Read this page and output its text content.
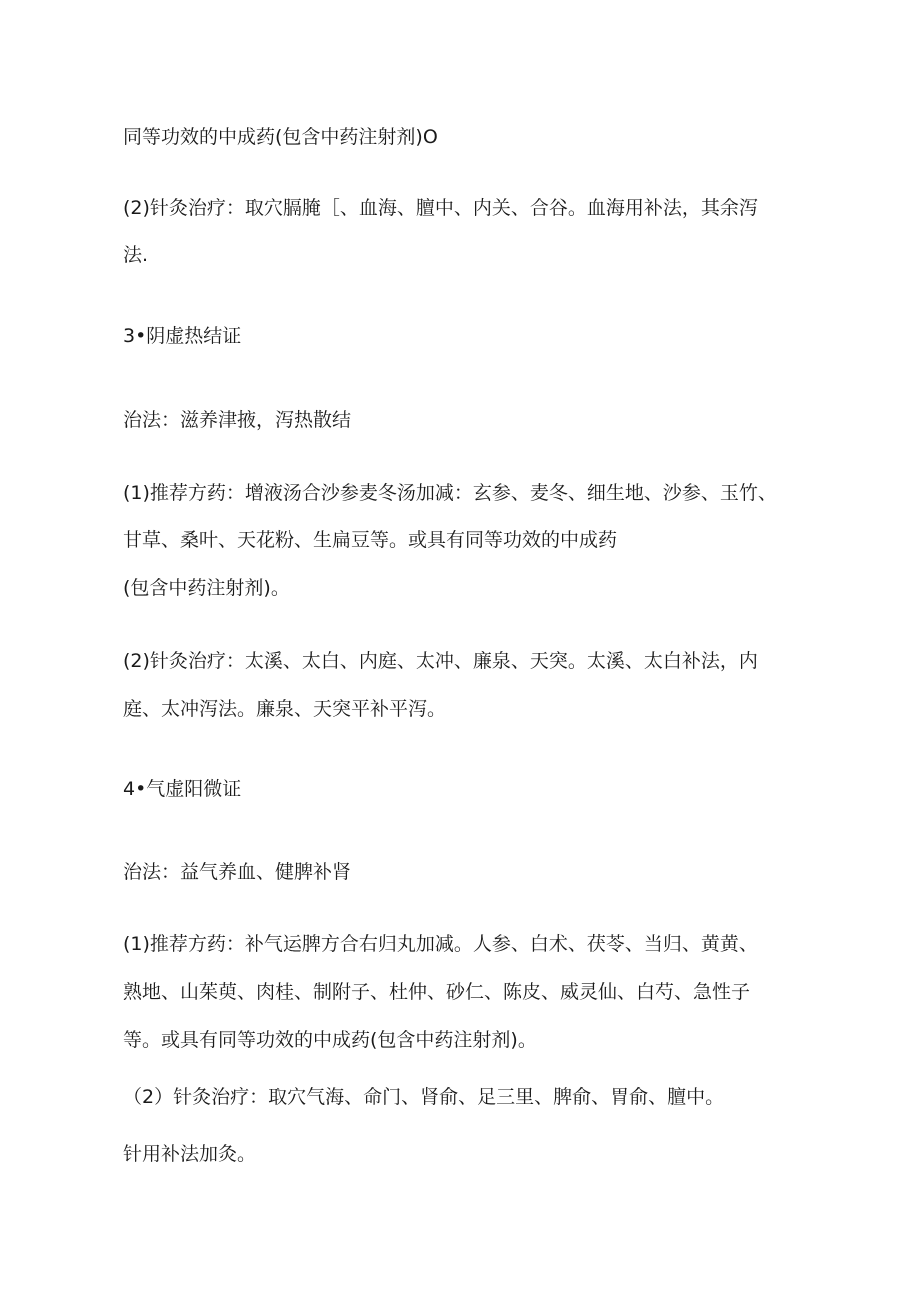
同等功效的中成药(包含中药注射剂)O
(2)针灸治疗：取穴膈腌［、血海、膻中、内关、合谷。血海用补法，其余泻
法.
3•阴虚热结证
治法：滋养津掖，泻热散结
(1)推荐方药：增液汤合沙参麦冬汤加减：玄参、麦冬、细生地、沙参、玉竹、
甘草、桑叶、天花粉、生扁豆等。或具有同等功效的中成药
(包含中药注射剂)。
(2)针灸治疗：太溪、太白、内庭、太冲、廉泉、天突。太溪、太白补法，内
庭、太冲泻法。廉泉、天突平补平泻。
4•气虚阳微证
治法：益气养血、健脾补肾
(1)推荐方药：补气运脾方合右归丸加减。人参、白术、茯苓、当归、黄黄、
熟地、山茱萸、肉桂、制附子、杜仲、砂仁、陈皮、威灵仙、白芍、急性子
等。或具有同等功效的中成药(包含中药注射剂)。
（2）针灸治疗：取穴气海、命门、肾俞、足三里、脾俞、胃俞、膻中。
针用补法加灸。
